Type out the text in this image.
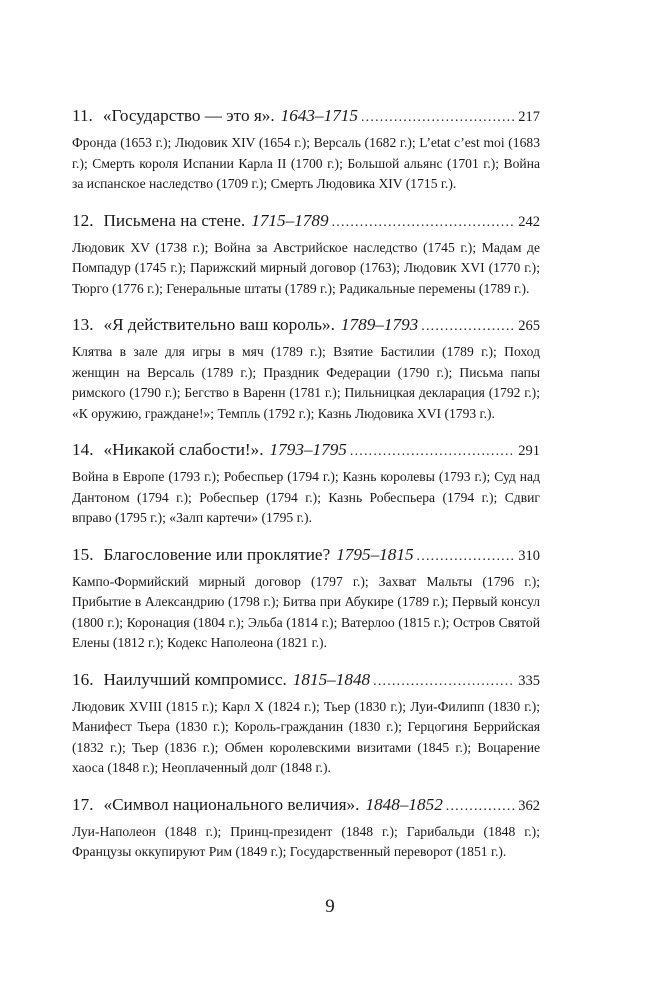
11. «Государство — это я». 1643–1715 .....	217

Фронда (1653 г.); Людовик XIV (1654 г.); Версаль (1682 г.); L’etat c’est moi (1683 г.); Смерть короля Испании Карла II (1700 г.); Большой альянс (1701 г.); Война за испанское наследство (1709 г.); Смерть Людовика XIV (1715 г.).

12. Письмена на стене. 1715–1789 .....	242

Людовик XV (1738 г.); Война за Австрийское наследство (1745 г.); Мадам де Помпадур (1745 г.); Парижский мирный договор (1763); Людовик XVI (1770 г.); Тюрго (1776 г.); Генеральные штаты (1789 г.); Радикальные перемены (1789 г.).

13. «Я действительно ваш король». 1789–1793 .....	265

Клятва в зале для игры в мяч (1789 г.); Взятие Бастилии (1789 г.); Поход женщин на Версаль (1789 г.); Праздник Федерации (1790 г.); Письма папы римского (1790 г.); Бегство в Варенн (1781 г.); Пильницкая декларация (1792 г.); «К оружию, граждане!»; Темпль (1792 г.); Казнь Людовика XVI (1793 г.).

14. «Никакой слабости!». 1793–1795 .....	291

Война в Европе (1793 г.); Робеспьер (1794 г.); Казнь королевы (1793 г.); Суд над Дантоном (1794 г.); Робеспьер (1794 г.); Казнь Робеспьера (1794 г.); Сдвиг вправо (1795 г.); «Залп картечи» (1795 г.).

15. Благословение или проклятие? 1795–1815 .....	310

Кампо-Формийский мирный договор (1797 г.); Захват Мальты (1796 г.); Прибытие в Александрию (1798 г.); Битва при Абукире (1789 г.); Первый консул (1800 г.); Коронация (1804 г.); Эльба (1814 г.); Ватерлоо (1815 г.); Остров Святой Елены (1812 г.); Кодекс Наполеона (1821 г.).

16. Наилучший компромисс. 1815–1848 .....	335

Людовик XVIII (1815 г.); Карл X (1824 г.); Тьер (1830 г.); Луи-Филипп (1830 г.); Манифест Тьера (1830 г.); Король-гражданин (1830 г.); Герцогиня Беррийская (1832 г.); Тьер (1836 г.); Обмен королевскими визитами (1845 г.); Воцарение хаоса (1848 г.); Неоплаченный долг (1848 г.).

17. «Символ национального величия». 1848–1852 .....	362

Луи-Наполеон (1848 г.); Принц-президент (1848 г.); Гарибальди (1848 г.); Французы оккупируют Рим (1849 г.); Государственный переворот (1851 г.).

9
